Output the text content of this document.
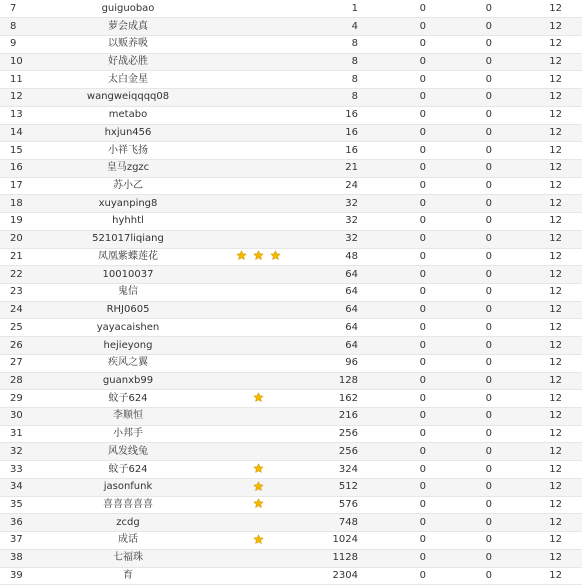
7	guiguobao		1	0	0	12
8	萝会成真		4	0	0	12
9	以贩养吸		8	0	0	12
10	好战必胜		8	0	0	12
11	太白金星		8	0	0	12
12	wangweiqqqq08		8	0	0	12
13	metabo		16	0	0	12
14	hxjun456		16	0	0	12
15	小祥飞扬		16	0	0	12
16	皇马zgzc		21	0	0	12
17	苏小乙		24	0	0	12
18	xuyanping8		32	0	0	12
19	hyhhtl		32	0	0	12
20	521017liqiang		32	0	0	12
21	凤凰紫蝶莲花		48	0	0	12
22	10010037		64	0	0	12
23	鬼信		64	0	0	12
24	RHJ0605		64	0	0	12
25	yayacaishen		64	0	0	12
26	hejieyong		64	0	0	12
27	疾风之翼		96	0	0	12
28	guanxb99		128	0	0	12
29	蚊子624		162	0	0	12
30	李顺恒		216	0	0	12
31	小邦手		256	0	0	12
32	风发线兔		256	0	0	12
33	蚊子624		324	0	0	12
34	jasonfunk		512	0	0	12
35	喜喜喜喜喜		576	0	0	12
36	zcdg		748	0	0	12
37	成话		1024	0	0	12
38	七福珠		1128	0	0	12
39	育		2304	0	0	12
